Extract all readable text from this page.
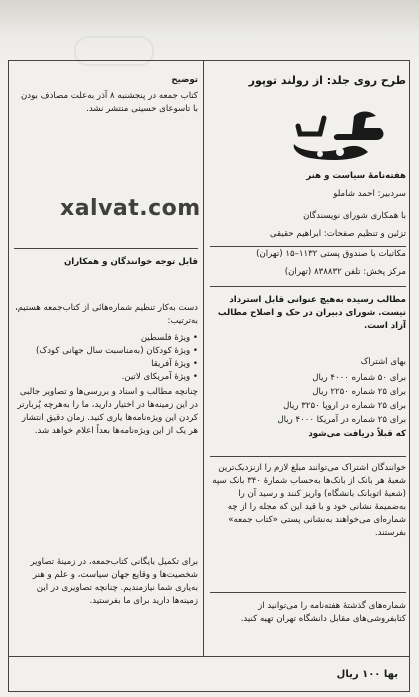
طرح روی جلد: از رولند توپور
هفته‌نامهٔ سیاست و هنر
سردبیر: احمد شاملو
با همکاری شورای نویسندگان
تزئین و تنظیم صفحات: ابراهیم حقیقی
مکاتبات با صندوق پستی ۱۱۳۲–۱۵ (تهران)
مرکز پخش: تلفن ۸۳۸۸۳۲ (تهران)
مطالب رسیده به‌هیچ عنوانی قابل استرداد نیست. شورای دبیران در حک و اصلاح مطالب آزاد است.
بهای اشتراک
برای ۵۰ شماره ۴۰۰۰ ریال
برای ۲۵ شماره ۲۲۵۰ ریال
برای ۲۵ شماره در اروپا ۳۲۵۰ ریال
برای ۲۵ شماره در آمریکا ۴۰۰۰ ریال
که قبلاً دریافت می‌شود
خوانندگان اشتراک می‌توانند مبلغ لازم را ازنزدیک‌ترین شعبهٔ هر بانک از بانک‌ها به‌حساب شمارهٔ ۳۴۰ بانک سپه (شعبهٔ اتوبانک بانشگاه) واریز کنند و رسید آن را به‌ضمیمهٔ نشانی خود و با قید این که مجله را از چه شماره‌ای می‌خواهند به‌نشانی پستی «کتاب جمعه» بفرستند.
شماره‌های گذشتهٔ هفته‌نامه را می‌توانید از کتابفروشی‌های مقابل دانشگاه تهران تهیه کنید.
توضیح
کتاب جمعه در پنجشنبه ۸ آذر به‌علت مصادف بودن با تاسوعای حسینی منتشر نشد.
قابل توجه خوانندگان و همکاران
دست به‌کار تنظیم شماره‌هائی از کتاب‌جمعه هستیم، به‌ترتیب:
• ویژهٔ فلسطین
• ویژهٔ کودکان (به‌مناسبت سال جهانی کودک)
• ویژهٔ آفریقا
• ویژهٔ آمریکای لاتین.
چنانچه مطالب و اسناد و بررسی‌ها و تصاویر جالبی در این زمینه‌ها در اختیار دارید، ما را به‌هرچه پُربارتر کردن این ویژه‌نامه‌ها یاری کنید. زمان دقیق انتشار هر یک از این ویژه‌نامه‌ها بعداً اعلام خواهد شد.
برای تکمیل بایگانی کتاب‌جمعه، در زمینهٔ تصاویر شخصیت‌ها و وقایع جهان سیاست، و علم و هنر به‌یاری شما نیازمندیم. چنانچه تصاویری در این زمینه‌ها دارید برای ما بفرستید.
xalvat.com
بها ۱۰۰ ریال
